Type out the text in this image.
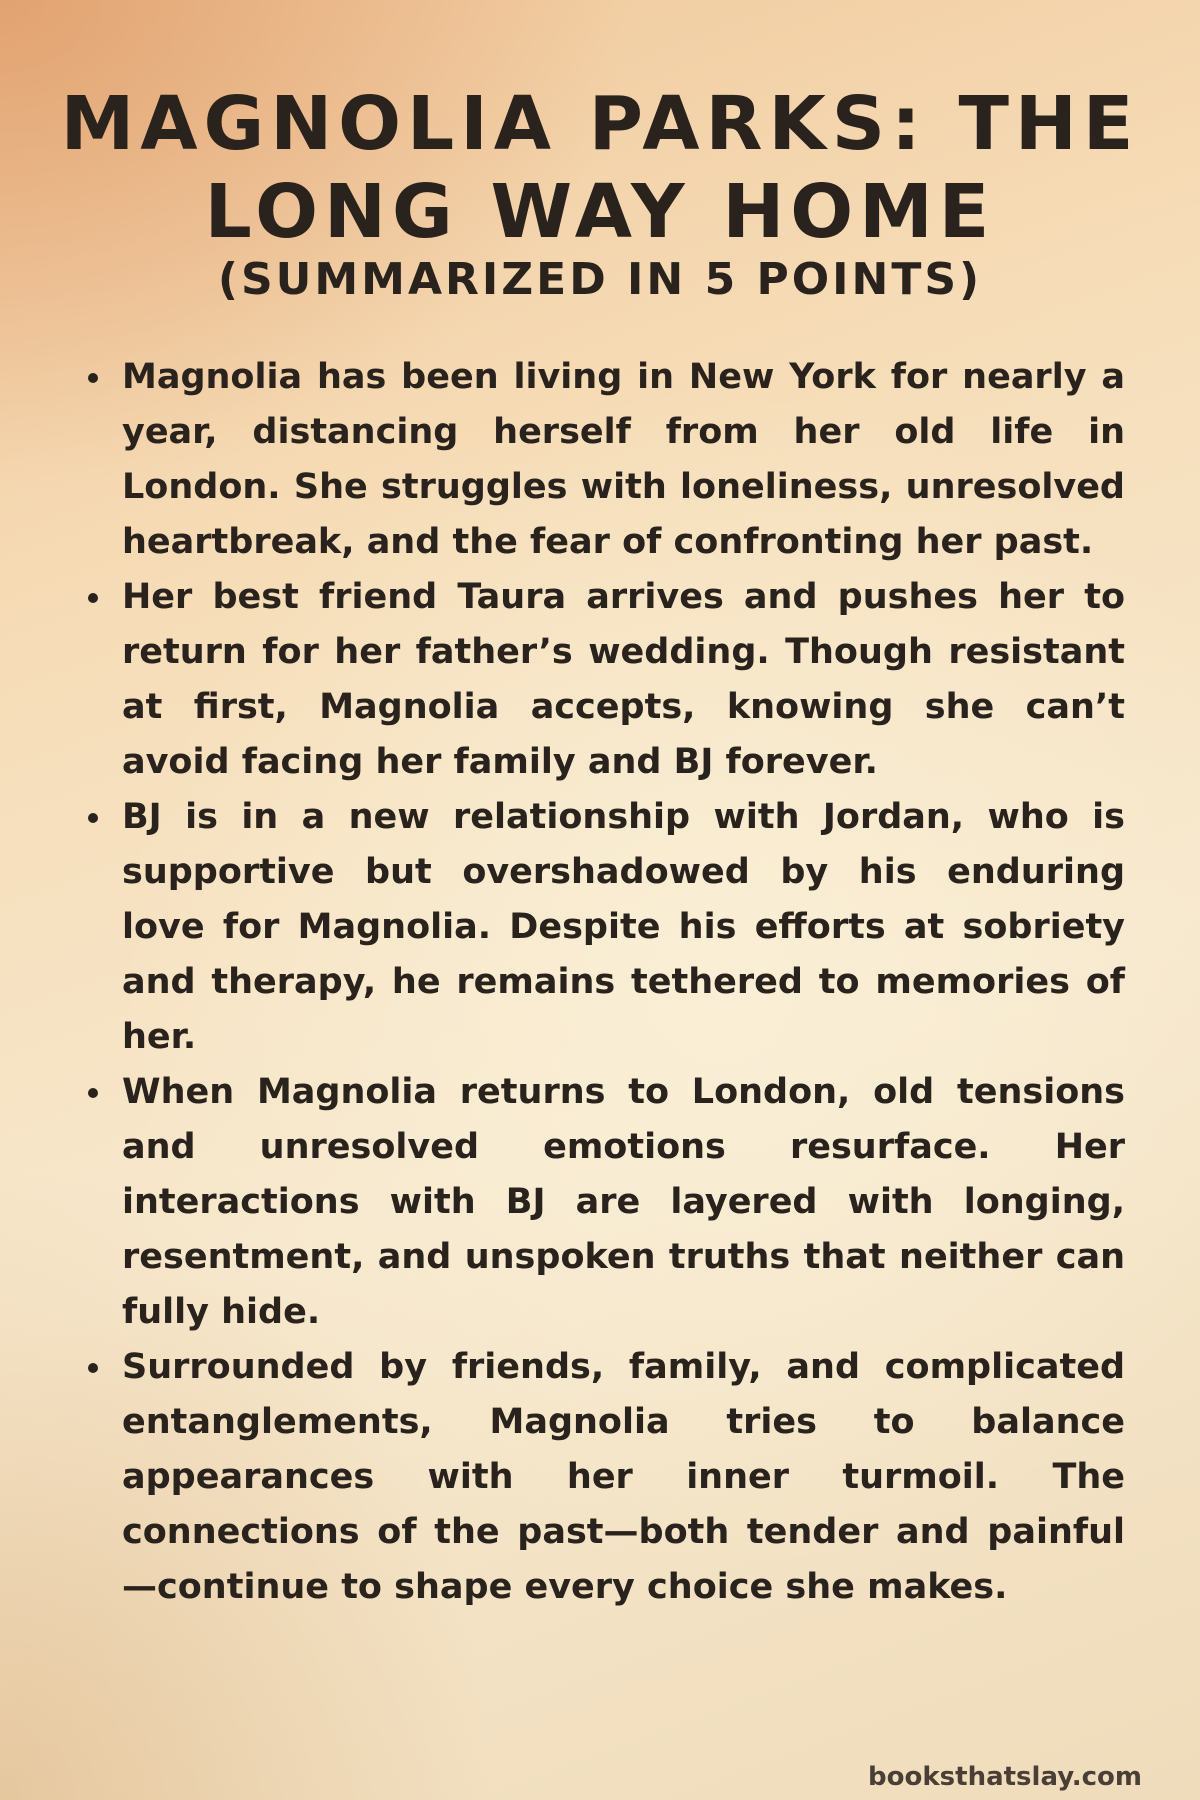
MAGNOLIA PARKS: THE
LONG WAY HOME
(SUMMARIZED IN 5 POINTS)
Magnolia has been living in New York for nearly a year, distancing herself from her old life in London. She struggles with loneliness, unresolved heartbreak, and the fear of confronting her past.
Her best friend Taura arrives and pushes her to return for her father’s wedding. Though resistant at first, Magnolia accepts, knowing she can’t avoid facing her family and BJ forever.
BJ is in a new relationship with Jordan, who is supportive but overshadowed by his enduring love for Magnolia. Despite his efforts at sobriety and therapy, he remains tethered to memories of her.
When Magnolia returns to London, old tensions and unresolved emotions resurface. Her interactions with BJ are layered with longing, resentment, and unspoken truths that neither can fully hide.
Surrounded by friends, family, and complicated entanglements, Magnolia tries to balance appearances with her inner turmoil. The connections of the past—both tender and painful—continue to shape every choice she makes.
booksthatslay.com
